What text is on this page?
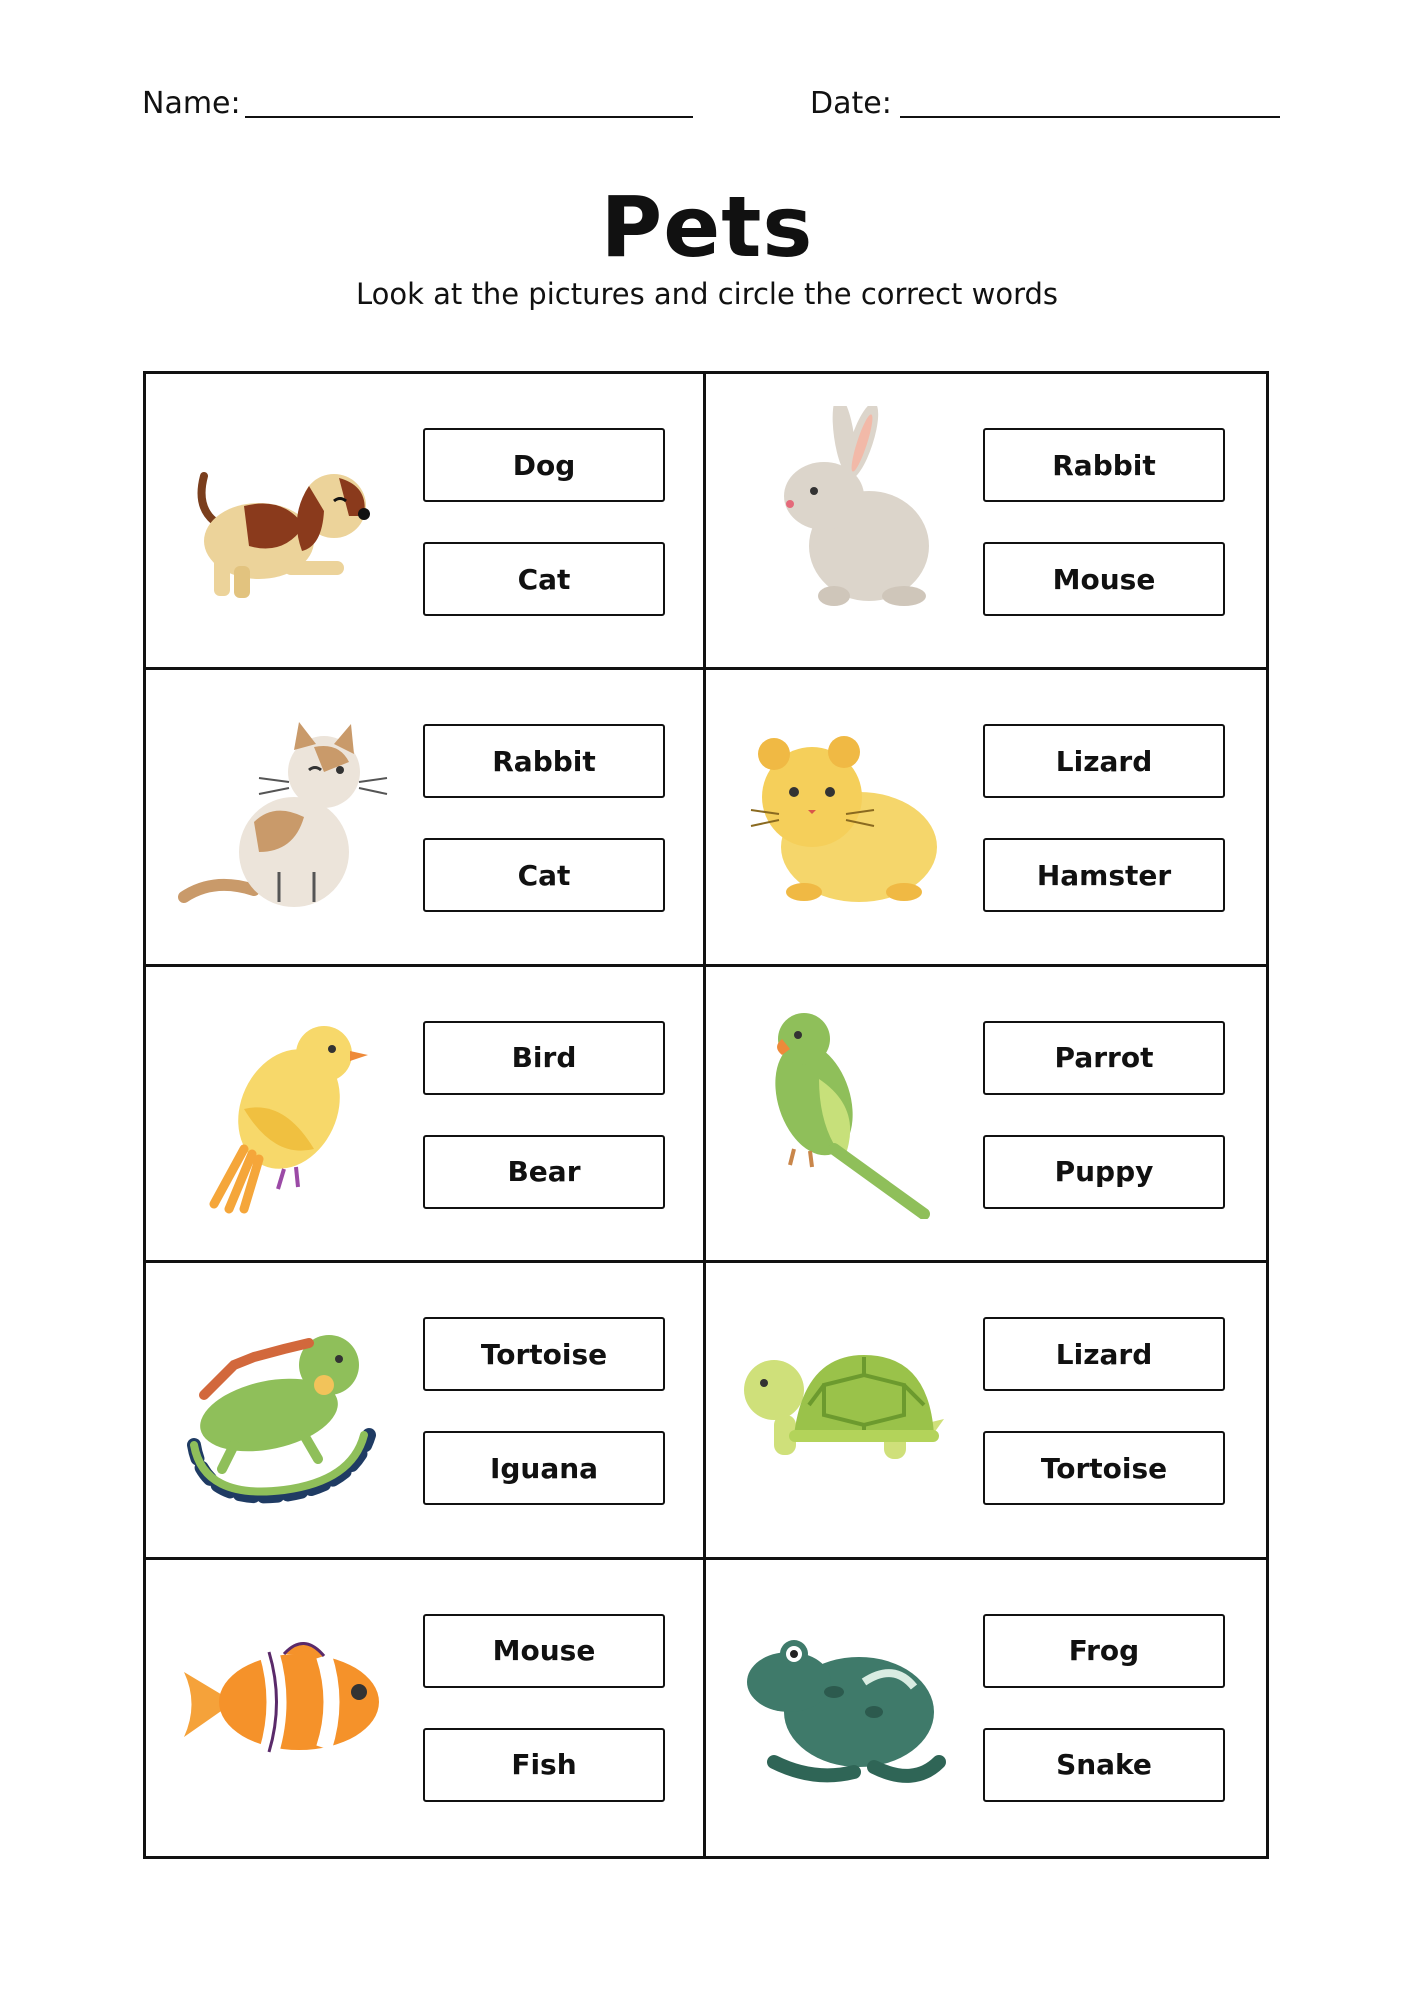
Name:	Date:
Pets
Look at the pictures and circle the correct words
Dog
Cat
Rabbit
Mouse
Rabbit
Cat
Lizard
Hamster
Bird
Bear
Parrot
Puppy
Tortoise
Iguana
Lizard
Tortoise
Mouse
Fish
Frog
Snake
